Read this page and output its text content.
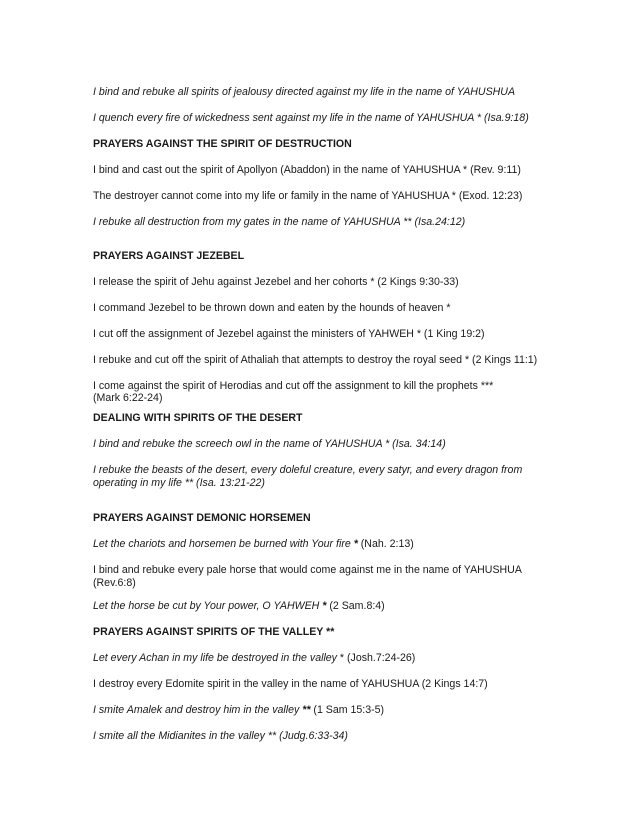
I bind and rebuke all spirits of jealousy directed against my life in the name of YAHUSHUA
I quench every fire of wickedness sent against my life in the name of YAHUSHUA * (Isa.9:18)
PRAYERS AGAINST THE SPIRIT OF DESTRUCTION
I bind and cast out the spirit of Apollyon (Abaddon) in the name of YAHUSHUA * (Rev. 9:11)
The destroyer cannot come into my life or family in the name of YAHUSHUA * (Exod. 12:23)
I rebuke all destruction from my gates in the name of YAHUSHUA ** (Isa.24:12)
PRAYERS AGAINST JEZEBEL
I release the spirit of Jehu against Jezebel and her cohorts * (2 Kings 9:30-33)
I command Jezebel to be thrown down and eaten by the hounds of heaven *
I cut off the assignment of Jezebel against the ministers of YAHWEH * (1 King 19:2)
I rebuke and cut off the spirit of Athaliah that attempts to destroy the royal seed * (2 Kings 11:1)
I come against the spirit of Herodias and cut off the assignment to kill the prophets ***
(Mark 6:22-24)
DEALING WITH SPIRITS OF THE DESERT
I bind and rebuke the screech owl in the name of YAHUSHUA * (Isa. 34:14)
I rebuke the beasts of the desert, every doleful creature, every satyr, and every dragon from
operating in my life ** (Isa. 13:21-22)
PRAYERS AGAINST DEMONIC HORSEMEN
Let the chariots and horsemen be burned with Your fire * (Nah. 2:13)
I bind and rebuke every pale horse that would come against me in the name of YAHUSHUA
(Rev.6:8)
Let the horse be cut by Your power, O YAHWEH * (2 Sam.8:4)
PRAYERS AGAINST SPIRITS OF THE VALLEY **
Let every Achan in my life be destroyed in the valley * (Josh.7:24-26)
I destroy every Edomite spirit in the valley in the name of YAHUSHUA (2 Kings 14:7)
I smite Amalek and destroy him in the valley ** (1 Sam 15:3-5)
I smite all the Midianites in the valley ** (Judg.6:33-34)
